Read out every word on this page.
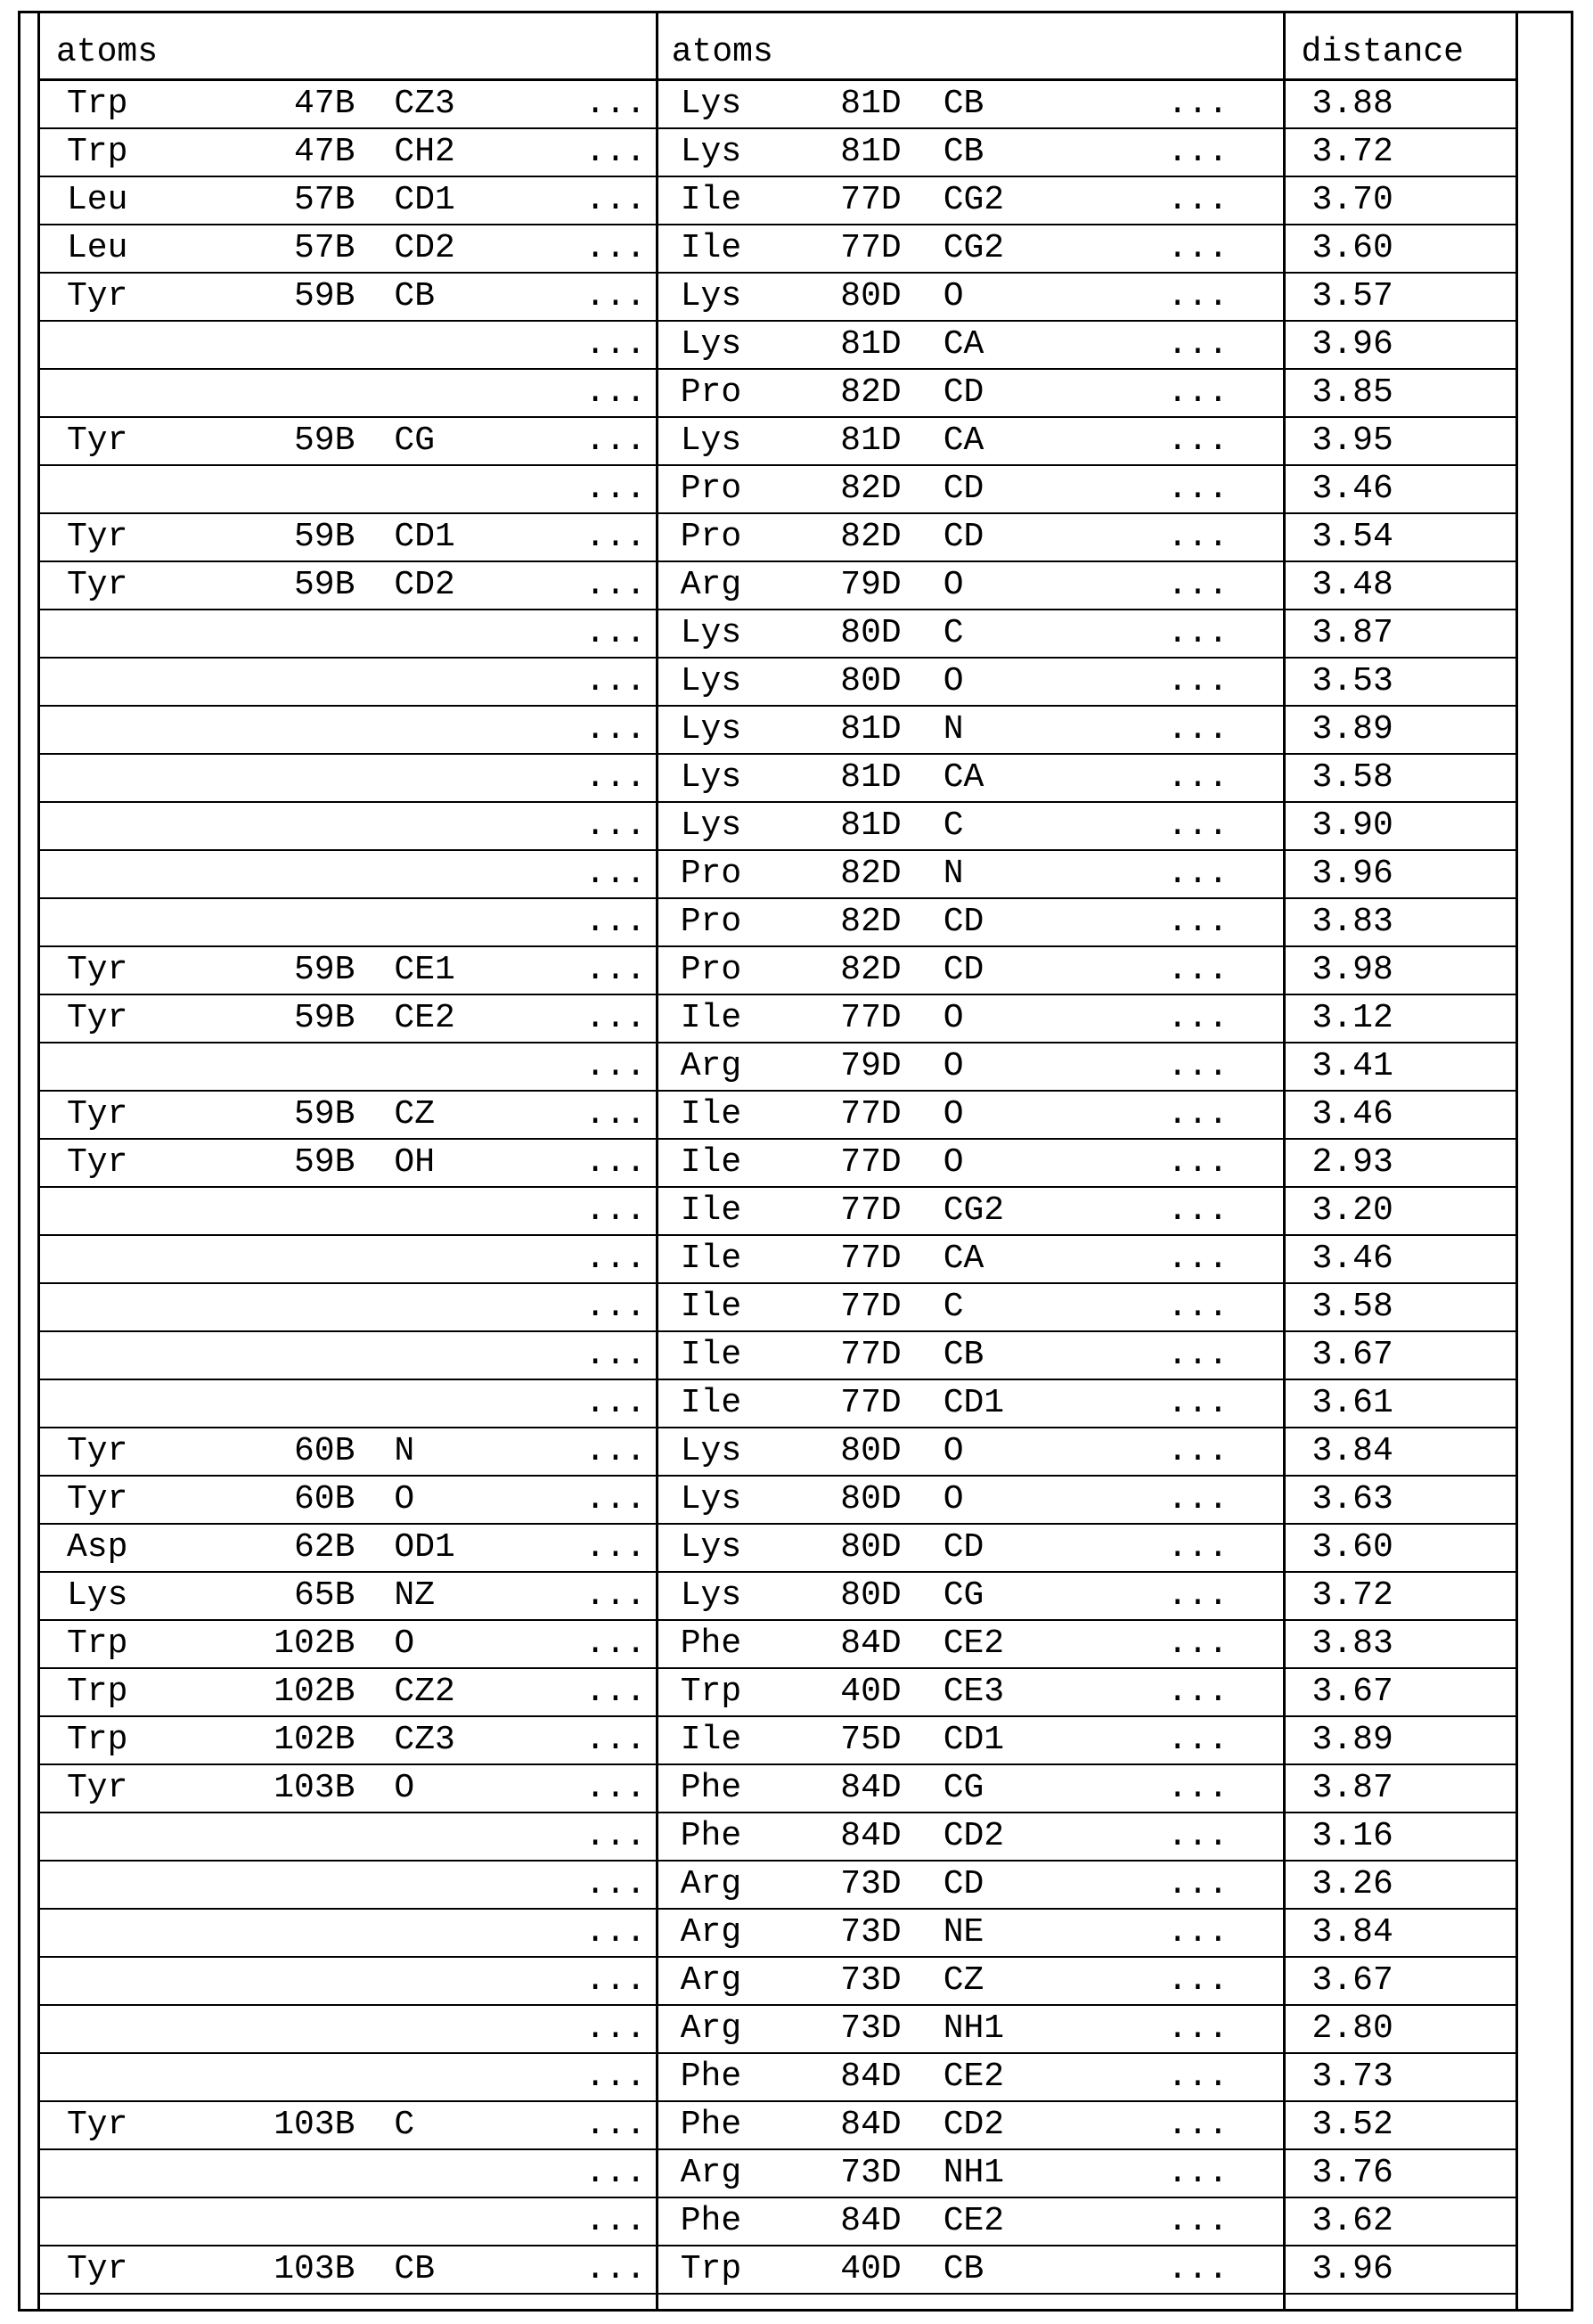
atoms				atoms				distance
Trp	47B	CZ3	...	Lys	81D	CB	...	3.88
Trp	47B	CH2	...	Lys	81D	CB	...	3.72
Leu	57B	CD1	...	Ile	77D	CG2	...	3.70
Leu	57B	CD2	...	Ile	77D	CG2	...	3.60
Tyr	59B	CB	...	Lys	80D	O	...	3.57
			...	Lys	81D	CA	...	3.96
			...	Pro	82D	CD	...	3.85
Tyr	59B	CG	...	Lys	81D	CA	...	3.95
			...	Pro	82D	CD	...	3.46
Tyr	59B	CD1	...	Pro	82D	CD	...	3.54
Tyr	59B	CD2	...	Arg	79D	O	...	3.48
			...	Lys	80D	C	...	3.87
			...	Lys	80D	O	...	3.53
			...	Lys	81D	N	...	3.89
			...	Lys	81D	CA	...	3.58
			...	Lys	81D	C	...	3.90
			...	Pro	82D	N	...	3.96
			...	Pro	82D	CD	...	3.83
Tyr	59B	CE1	...	Pro	82D	CD	...	3.98
Tyr	59B	CE2	...	Ile	77D	O	...	3.12
			...	Arg	79D	O	...	3.41
Tyr	59B	CZ	...	Ile	77D	O	...	3.46
Tyr	59B	OH	...	Ile	77D	O	...	2.93
			...	Ile	77D	CG2	...	3.20
			...	Ile	77D	CA	...	3.46
			...	Ile	77D	C	...	3.58
			...	Ile	77D	CB	...	3.67
			...	Ile	77D	CD1	...	3.61
Tyr	60B	N	...	Lys	80D	O	...	3.84
Tyr	60B	O	...	Lys	80D	O	...	3.63
Asp	62B	OD1	...	Lys	80D	CD	...	3.60
Lys	65B	NZ	...	Lys	80D	CG	...	3.72
Trp	102B	O	...	Phe	84D	CE2	...	3.83
Trp	102B	CZ2	...	Trp	40D	CE3	...	3.67
Trp	102B	CZ3	...	Ile	75D	CD1	...	3.89
Tyr	103B	O	...	Phe	84D	CG	...	3.87
			...	Phe	84D	CD2	...	3.16
			...	Arg	73D	CD	...	3.26
			...	Arg	73D	NE	...	3.84
			...	Arg	73D	CZ	...	3.67
			...	Arg	73D	NH1	...	2.80
			...	Phe	84D	CE2	...	3.73
Tyr	103B	C	...	Phe	84D	CD2	...	3.52
			...	Arg	73D	NH1	...	3.76
			...	Phe	84D	CE2	...	3.62
Tyr	103B	CB	...	Trp	40D	CB	...	3.96
